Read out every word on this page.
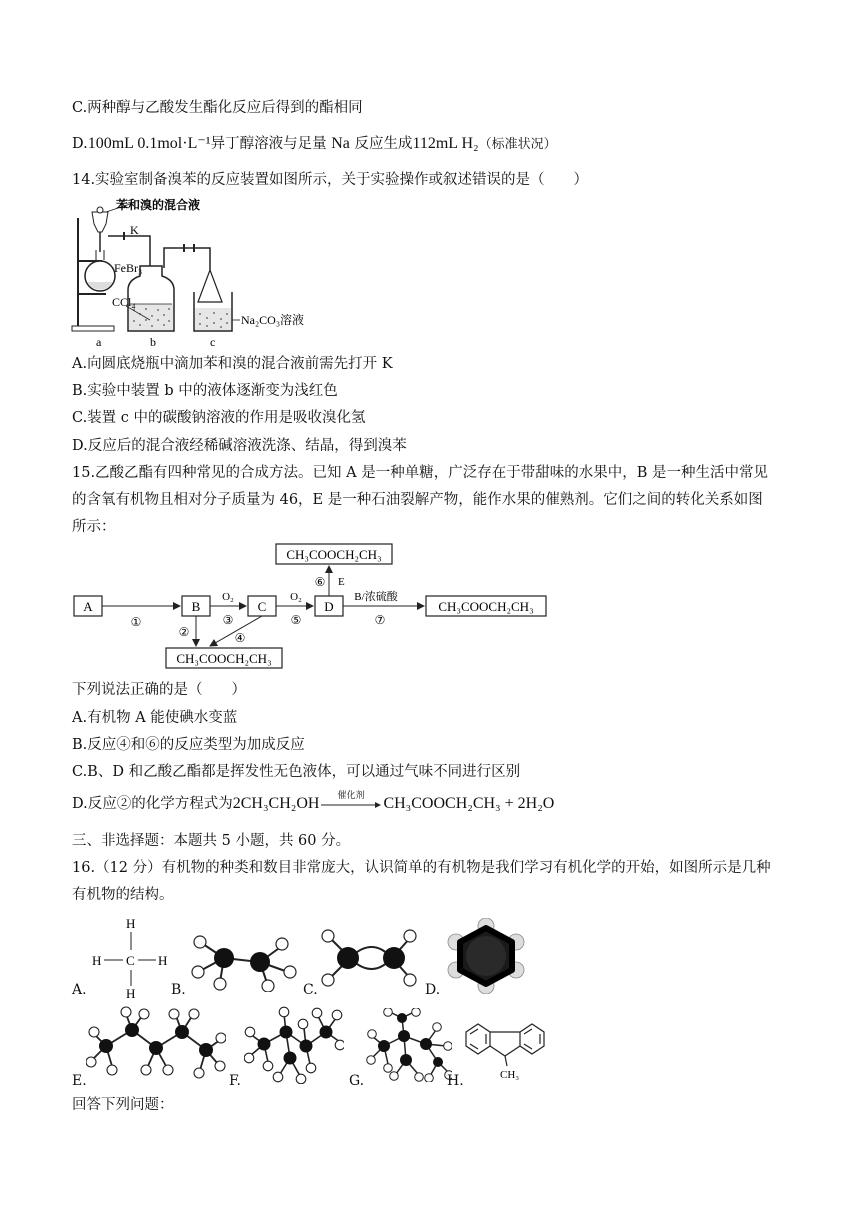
C.两种醇与乙酸发生酯化反应后得到的酯相同
D.100mL 0.1mol·L⁻¹异丁醇溶液与足量 Na 反应生成112mL H₂（标准状况）
14.实验室制备溴苯的反应装置如图所示，关于实验操作或叙述错误的是（　　）
苯和溴的混合液
K
FeBr₃
CCl₄
Na₂CO₃溶液
a	b	c
A.向圆底烧瓶中滴加苯和溴的混合液前需先打开 K
B.实验中装置 b 中的液体逐渐变为浅红色
C.装置 c 中的碳酸钠溶液的作用是吸收溴化氢
D.反应后的混合液经稀碱溶液洗涤、结晶，得到溴苯
15.乙酸乙酯有四种常见的合成方法。已知 A 是一种单糖，广泛存在于带甜味的水果中，B 是一种生活中常见
的含氧有机物且相对分子质量为 46，E 是一种石油裂解产物，能作水果的催熟剂。它们之间的转化关系如图
所示：
CH₃COOCH₂CH₃
A	B	C	D	CH₃COOCH₂CH₃
CH₃COOCH₂CH₃
①
O₂
③
O₂
⑤
B/浓硫酸
⑦
⑥ E
②	④
下列说法正确的是（　　）
A.有机物 A 能使碘水变蓝
B.反应④和⑥的反应类型为加成反应
C.B、D 和乙酸乙酯都是挥发性无色液体，可以通过气味不同进行区别
D.反应②的化学方程式为2CH₃CH₂OH 催化剂 CH₃COOCH₂CH₃ + 2H₂O
三、非选择题：本题共 5 小题，共 60 分。
16.（12 分）有机物的种类和数目非常庞大，认识简单的有机物是我们学习有机化学的开始，如图所示是几种
有机物的结构。
H
H C H
H
A.	B.	C.	D.
E.	F.	G.	CH₃
H.
回答下列问题：
